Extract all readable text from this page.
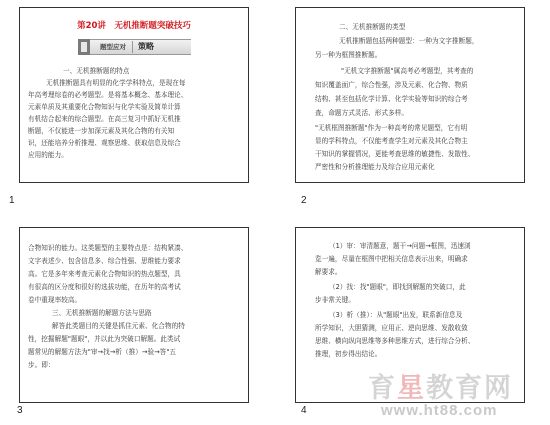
第20讲　无机推断题突破技巧
题型应对 策略
一、无机推断题的特点
无机推断题具有明显的化学学科特点，是现在每
年高考理综卷的必考题型。是将基本概念、基本理论、
元素单质及其重要化合物知识与化学实验及简单计算
有机结合起来的综合题型。在高三复习中抓好无机推
断题，不仅能进一步加深元素及其化合物的有关知
识，还能培养分析推理、观察思维、获取信息及综合
应用的能力。
1
二、无机推断题的类型
无机推断题包括两种题型：一种为文字推断题，
另一种为框图推断题。
"无机文字推断题"属高考必考题型，其考查的
知识覆盖面广，综合性强，涉及元素、化合物、物质
结构、甚至包括化学计算、化学实验等知识的综合考
查，命题方式灵活、形式多样。
"无机框图推断题"作为一种高考的常见题型，它有明
显的学科特点，不仅能考查学生对元素及其化合物主
干知识的掌握情况，更能考查思维的敏捷性、发散性、
严密性和分析推理能力及综合应用元素化
2
合物知识的能力。这类题型的主要特点是：结构紧凑、
文字表述少、包含信息多、综合性强、思维能力要求
高。它是多年来考查元素化合物知识的热点题型，具
有很高的区分度和很好的选拔功能，在历年的高考试
卷中重现率较高。
三、无机推断题的解题方法与思路
解答此类题目的关键是抓住元素、化合物的特
性，挖掘解题"题眼"，并以此为突破口解题。此类试
题常见的解题方法为"审→找→析（推）→验→答"五
步。即：
3
（1）审：审清题意，题干→问题→框图，迅速浏
览一遍，尽量在框图中把相关信息表示出来，明确求
解要求。
（2）找：找"题眼"，即找到解题的突破口，此
步非常关键。
（3）析（推）：从"题眼"出发，联系新信息及
所学知识，大胆猜测，应用正、逆向思维、发散收敛
思维、横向纵向思维等多种思维方式，进行综合分析、
推理，初步得出结论。
4
育星教育网
www.ht88.com
